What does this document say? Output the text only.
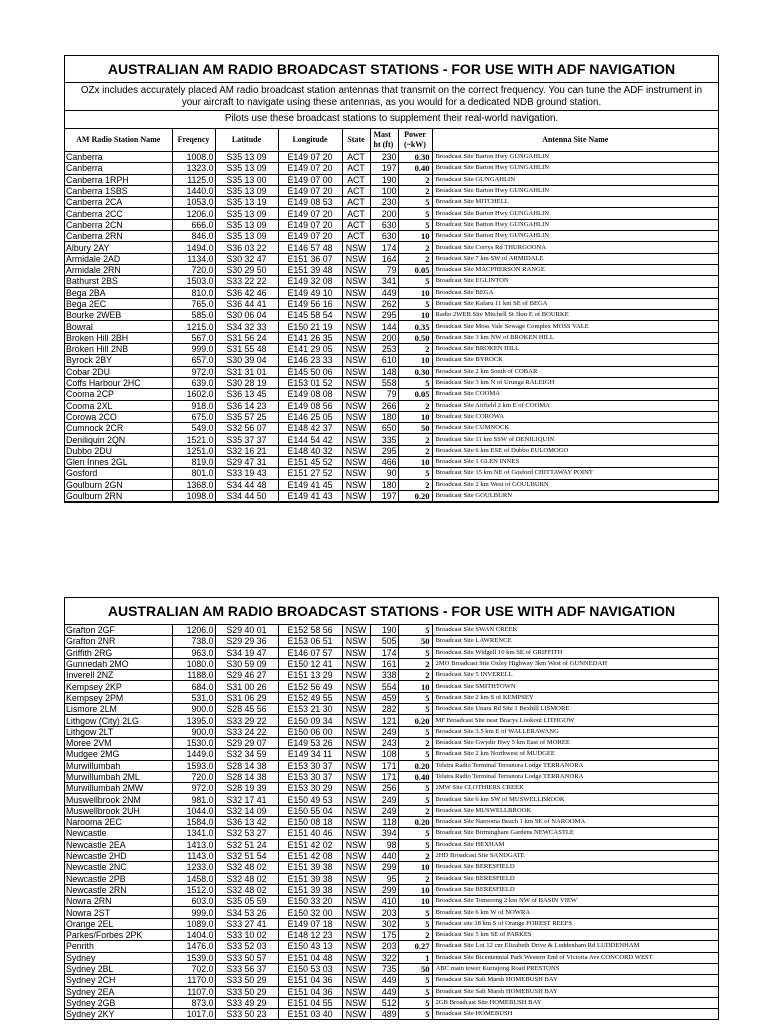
AUSTRALIAN AM RADIO BROADCAST STATIONS - FOR USE WITH ADF NAVIGATION
OZx includes accurately placed AM radio broadcast station antennas that transmit on the correct frequency. You can tune the ADF instrument in your aircraft to navigate using these antennas, as you would for a dedicated NDB ground station.
Pilots use these broadcast stations to supplement their real-world navigation.
AM Radio Station Name	Freqency	Latitude	Longitude	State	Mast ht (ft)	Power (~kW)	Antenna Site Name
Canberra	1008.0	S35 13 09	E149 07 20	ACT	230	0.30	Broadcast Site Barton Hwy GUNGAHLIN
Canberra	1323.0	S35 13 09	E149 07 20	ACT	197	0.40	Broadcast Site Barton Hwy GUNGAHLIN
Canberra 1RPH	1125.0	S35 13 00	E149 07 00	ACT	190	2	Broadcast Site GUNGAHLIN
Canberra 1SBS	1440.0	S35 13 09	E149 07 20	ACT	100	2	Broadcast Site Barton Hwy GUNGAHLIN
Canberra 2CA	1053.0	S35 13 19	E149 08 53	ACT	230	5	Broadcast Site MITCHELL
Canberra 2CC	1206.0	S35 13 09	E149 07 20	ACT	200	5	Broadcast Site Barton Hwy GUNGAHLIN
Canberra 2CN	666.0	S35 13 09	E149 07 20	ACT	630	5	Broadcast Site Barton Hwy GUNGAHLIN
Canberra 2RN	846.0	S35 13 09	E149 07 20	ACT	630	10	Broadcast Site Barton Hwy GUNGAHLIN
Albury 2AY	1494.0	S36 03 22	E146 57 48	NSW	174	2	Broadcast Site Corrys Rd THURGOONA
Armidale 2AD	1134.0	S30 32 47	E151 36 07	NSW	164	2	Broadcast Site 7 km SW of ARMIDALE
Armidale 2RN	720.0	S30 29 50	E151 39 48	NSW	79	0.05	Broadcast Site MACPHERSON RANGE
Bathurst 2BS	1503.0	S33 22 22	E149 32 08	NSW	341	5	Broadcast Site EGLINTON
Bega 2BA	810.0	S36 42 46	E149 49 10	NSW	449	10	Broadcast Site BEGA
Bega 2EC	765.0	S36 44 41	E149 56 16	NSW	262	5	Broadcast Site Kalaru 11 km SE of BEGA
Bourke 2WEB	585.0	S30 06 04	E145 58 54	NSW	295	10	Radio 2WEB Site Mitchell St 3km E of BOURKE
Bowral	1215.0	S34 32 33	E150 21 19	NSW	144	0.35	Broadcast Site Moss Vale Sewage Complex MOSS VALE
Broken Hill 2BH	567.0	S31 56 24	E141 26 35	NSW	200	0.50	Broadcast Site 3 km NW of BROKEN HILL
Broken Hill 2NB	999.0	S31 55 48	E141 29 05	NSW	253	2	Broadcast Site BROKEN HILL
Byrock 2BY	657.0	S30 39 04	E146 23 33	NSW	610	10	Broadcast Site BYROCK
Cobar 2DU	972.0	S31 31 01	E145 50 06	NSW	148	0.30	Broadcast Site 2 km South of COBAR
Coffs Harbour 2HC	639.0	S30 28 19	E153 01 52	NSW	558	5	Broadcast Site 3 km N of Urunga RALEIGH
Cooma 2CP	1602.0	S36 13 45	E149 08 08	NSW	79	0.05	Broadcast Site COOMA
Cooma 2XL	918.0	S36 14 23	E149 08 56	NSW	266	2	Broadcast Site Airfield 2 km E of COOMA
Corowa 2CO	675.0	S35 57 25	E146 25 05	NSW	180	10	Broadcast Site COROWA
Cumnock 2CR	549.0	S32 56 07	E148 42 37	NSW	650	50	Broadcast Site CUMNOCK
Deniliquin 2QN	1521.0	S35 37 37	E144 54 42	NSW	335	2	Broadcast Site 11 km SSW of DENILIQUIN
Dubbo 2DU	1251.0	S32 16 21	E148 40 32	NSW	295	2	Broadcast Site 6 km ESE of Dubbo EULOMOGO
Glen Innes 2GL	819.0	S29 47 31	E151 45 52	NSW	466	10	Broadcast Site 1 GLEN INNES
Gosford	801.0	S33 19 43	E151 27 52	NSW	90	5	Broadcast Site 15 km NE of Gosford CHITTAWAY POINT
Goulburn 2GN	1368.0	S34 44 48	E149 41 45	NSW	180	2	Broadcast Site 2 km West of GOULBURN
Goulburn 2RN	1098.0	S34 44 50	E149 41 43	NSW	197	0.20	Broadcast Site GOULBURN
AUSTRALIAN AM RADIO BROADCAST STATIONS - FOR USE WITH ADF NAVIGATION
Grafton 2GF	1206.0	S29 40 01	E152 58 56	NSW	190	5	Broadcast Site SWAN CREEK
Grafton 2NR	738.0	S29 29 36	E153 06 51	NSW	505	50	Broadcast Site LAWRENCE
Griffith 2RG	963.0	S34 19 47	E146 07 57	NSW	174	5	Broadcast Site Widgell 10 km SE of GRIFFITH
Gunnedah 2MO	1080.0	S30 59 09	E150 12 41	NSW	161	2	2MO Broadcast Site Oxley Highway 3km West of GUNNEDAH
Inverell 2NZ	1188.0	S29 46 27	E151 13 29	NSW	338	2	Broadcast Site 5 INVERELL
Kempsey 2KP	684.0	S31 00 26	E152 56 49	NSW	554	10	Broadcast Site SMITHTOWN
Kempsey 2PM	531.0	S31 06 29	E152 49 55	NSW	459	5	Broadcast Site 2 km S of KEMPSEY
Lismore 2LM	900.0	S28 45 56	E153 21 30	NSW	282	5	Broadcast Site Unara Rd Site 1 Bexhill LISMORE
Lithgow (City) 2LG	1395.0	S33 29 22	E150 09 34	NSW	121	0.20	MF Broadcast Site near Bracys Lookout LITHGOW
Lithgow 2LT	900.0	S33 24 22	E150 06 00	NSW	249	5	Broadcast Site 3.5 km E of WALLERAWANG
Moree 2VM	1530.0	S29 29 07	E149 53 26	NSW	243	2	Broadcast Site Gwydir Hwy 5 km East of MOREE
Mudgee 2MG	1449.0	S32 34 59	E149 34 11	NSW	108	5	Broadcast Site 2 km Northwest of MUDGEE
Murwillumbah	1593.0	S28 14 38	E153 30 37	NSW	171	0.20	Telstra Radio Terminal Terranora Lodge TERRANORA
Murwillumbah 2ML	720.0	S28 14 38	E153 30 37	NSW	171	0.40	Telstra Radio Terminal Terranora Lodge TERRANORA
Murwillumbah 2MW	972.0	S28 19 39	E153 30 29	NSW	256	5	2MW Site CLOTHIERS CREEK
Muswellbrook 2NM	981.0	S32 17 41	E150 49 53	NSW	249	5	Broadcast Site 6 km SW of MUSWELLBROOK
Muswellbrook 2UH	1044.0	S32 14 09	E150 55 04	NSW	249	2	Broadcast Site MUSWELLBROOK
Narooma 2EC	1584.0	S36 13 42	E150 08 18	NSW	118	0.20	Broadcast Site Narooma Beach 1 km SE of NAROOMA
Newcastle	1341.0	S32 53 27	E151 40 46	NSW	394	5	Broadcast Site Birmingham Gardens NEWCASTLE
Newcastle 2EA	1413.0	S32 51 24	E151 42 02	NSW	98	5	Broadcast Site HEXHAM
Newcastle 2HD	1143.0	S32 51 54	E151 42 08	NSW	440	2	2HD Broadcast Site SANDGATE
Newcastle 2NC	1233.0	S32 48 02	E151 39 38	NSW	299	10	Broadcast Site BERESFIELD
Newcastle 2PB	1458.0	S32 48 02	E151 39 38	NSW	95	2	Broadcast Site BERESFIELD
Newcastle 2RN	1512.0	S32 48 02	E151 39 38	NSW	299	10	Broadcast Site BERESFIELD
Nowra 2RN	603.0	S35 05 59	E150 33 20	NSW	410	10	Broadcast Site Tomerong 2 km NW of BASIN VIEW
Nowra 2ST	999.0	S34 53 26	E150 32 00	NSW	203	5	Broadcast Site 6 km W of NOWRA
Orange 2EL	1089.0	S33 27 41	E149 07 18	NSW	302	5	Broadcast site 18 km S of Orange FOREST REEFS
Parkes/Forbes 2PK	1404.0	S33 10 02	E148 12 23	NSW	175	2	Broadcast Site 5 km SE of PARKES
Penrith	1476.0	S33 52 03	E150 43 13	NSW	203	0.27	Broadcast Site Lot 12 cnr Elizabeth Drive & Luddenham Rd LUDDENHAM
Sydney	1539.0	S33 50 57	E151 04 48	NSW	322	1	Broadcast Site Bicentennial Park Western End of Victoria Ave CONCORD WEST
Sydney 2BL	702.0	S33 56 37	E150 53 03	NSW	735	50	ABC main tower Kurrajong Road PRESTONS
Sydney 2CH	1170.0	S33 50 29	E151 04 36	NSW	449	5	Broadcast Site Salt Marsh HOMEBUSH BAY
Sydney 2EA	1107.0	S33 50 29	E151 04 36	NSW	449	5	Broadcast Site Salt Marsh HOMEBUSH BAY
Sydney 2GB	873.0	S33 49 29	E151 04 55	NSW	512	5	2GB Broadcast Site HOMEBUSH BAY
Sydney 2KY	1017.0	S33 50 23	E151 03 40	NSW	489	5	Broadcast Site HOMEBUSH
